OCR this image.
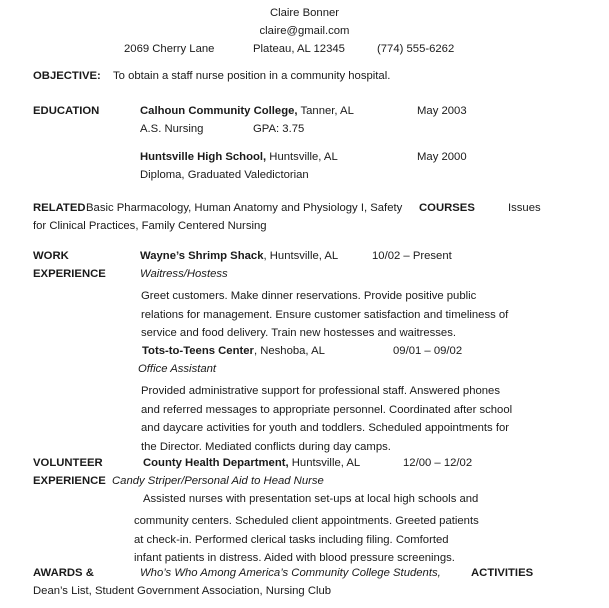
Claire Bonner
claire@gmail.com
2069 Cherry Lane	Plateau, AL 12345	(774) 555-6262
OBJECTIVE: To obtain a staff nurse position in a community hospital.
EDUCATION	Calhoun Community College, Tanner, AL	May 2003
A.S. Nursing	GPA: 3.75
Huntsville High School, Huntsville, AL	May 2000
Diploma, Graduated Valedictorian
RELATED Basic Pharmacology, Human Anatomy and Physiology I, Safety COURSES	Issues
for Clinical Practices, Family Centered Nursing
WORK
EXPERIENCE
Wayne’s Shrimp Shack, Huntsville, AL	10/02 – Present
Waitress/Hostess
Greet customers. Make dinner reservations. Provide positive public
relations for management. Ensure customer satisfaction and timeliness of
service and food delivery. Train new hostesses and waitresses.
Tots-to-Teens Center, Neshoba, AL	09/01 – 09/02
Office Assistant
Provided administrative support for professional staff. Answered phones
and referred messages to appropriate personnel. Coordinated after school
and daycare activities for youth and toddlers. Scheduled appointments for
the Director. Mediated conflicts during day camps.
VOLUNTEER
EXPERIENCE
County Health Department, Huntsville, AL	12/00 – 12/02
Candy Striper/Personal Aid to Head Nurse
Assisted nurses with presentation set-ups at local high schools and
community centers. Scheduled client appointments. Greeted patients
at check-in. Performed clerical tasks including filing. Comforted
infant patients in distress. Aided with blood pressure screenings.
AWARDS &	Who’s Who Among America’s Community College Students,	ACTIVITIES
Dean’s List, Student Government Association, Nursing Club
